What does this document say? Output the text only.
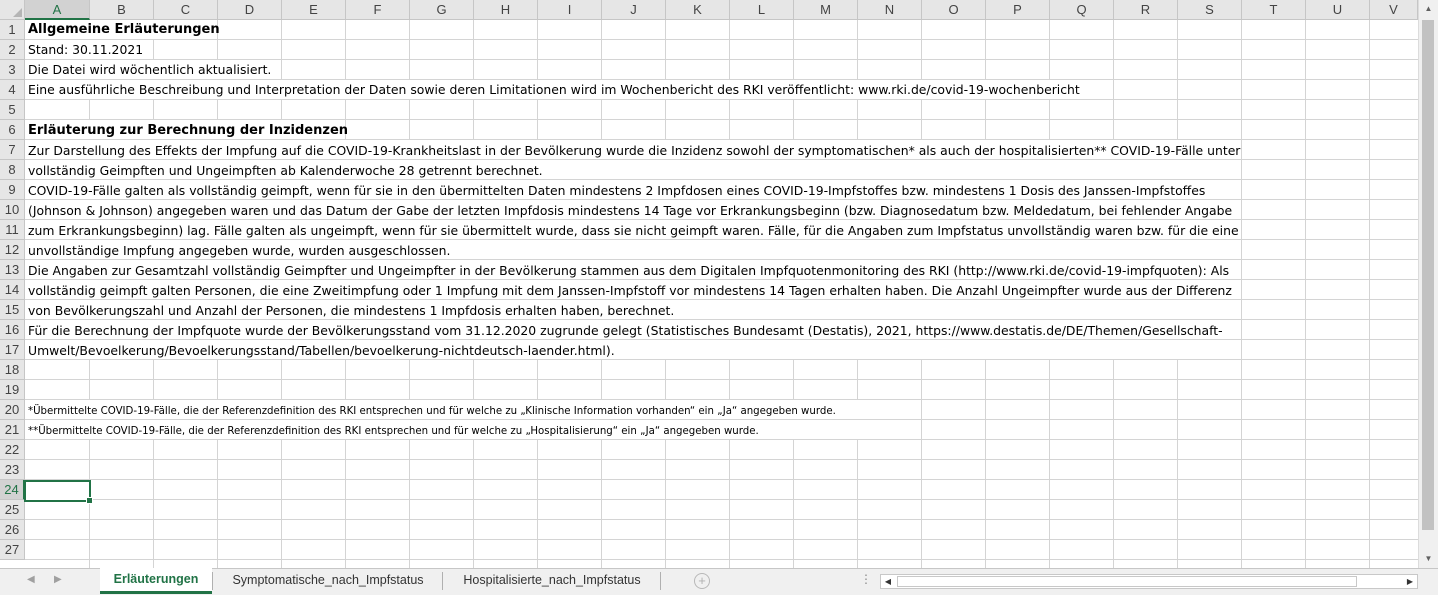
A	B	C	D	E	F	G	H	I	J	K	L	M	N	O	P	Q	R	S	T	U	V
1
2
3
4
5
6
7
8
9
10
11
12
13
14
15
16
17
18
19
20
21
22
23
24
25
26
27
Allgemeine Erläuterungen
Stand: 30.11.2021
Die Datei wird wöchentlich aktualisiert.
Eine ausführliche Beschreibung und Interpretation der Daten sowie deren Limitationen wird im Wochenbericht des RKI veröffentlicht: www.rki.de/covid-19-wochenbericht
Erläuterung zur Berechnung der Inzidenzen
Zur Darstellung des Effekts der Impfung auf die COVID-19-Krankheitslast in der Bevölkerung wurde die Inzidenz sowohl der symptomatischen* als auch der hospitalisierten** COVID-19-Fälle unter
vollständig Geimpften und Ungeimpften ab Kalenderwoche 28 getrennt berechnet.
COVID-19-Fälle galten als vollständig geimpft, wenn für sie in den übermittelten Daten mindestens 2 Impfdosen eines COVID-19-Impfstoffes bzw. mindestens 1 Dosis des Janssen-Impfstoffes
(Johnson & Johnson) angegeben waren und das Datum der Gabe der letzten Impfdosis mindestens 14 Tage vor Erkrankungsbeginn (bzw. Diagnosedatum bzw. Meldedatum, bei fehlender Angabe
zum Erkrankungsbeginn) lag. Fälle galten als ungeimpft, wenn für sie übermittelt wurde, dass sie nicht geimpft waren. Fälle, für die Angaben zum Impfstatus unvollständig waren bzw. für die eine
unvollständige Impfung angegeben wurde, wurden ausgeschlossen.
Die Angaben zur Gesamtzahl vollständig Geimpfter und Ungeimpfter in der Bevölkerung stammen aus dem Digitalen Impfquotenmonitoring des RKI (http://www.rki.de/covid-19-impfquoten): Als
vollständig geimpft galten Personen, die eine Zweitimpfung oder 1 Impfung mit dem Janssen-Impfstoff vor mindestens 14 Tagen erhalten haben. Die Anzahl Ungeimpfter wurde aus der Differenz
von Bevölkerungszahl und Anzahl der Personen, die mindestens 1 Impfdosis erhalten haben, berechnet.
Für die Berechnung der Impfquote wurde der Bevölkerungsstand vom 31.12.2020 zugrunde gelegt (Statistisches Bundesamt (Destatis), 2021, https://www.destatis.de/DE/Themen/Gesellschaft-
Umwelt/Bevoelkerung/Bevoelkerungsstand/Tabellen/bevoelkerung-nichtdeutsch-laender.html).
*Übermittelte COVID-19-Fälle, die der Referenzdefinition des RKI entsprechen und für welche zu „Klinische Information vorhanden“ ein „Ja“ angegeben wurde.
**Übermittelte COVID-19-Fälle, die der Referenzdefinition des RKI entsprechen und für welche zu „Hospitalisierung“ ein „Ja“ angegeben wurde.
▲
▼
◀ ▶	Erläuterungen	Symptomatische_nach_Impfstatus	Hospitalisierte_nach_Impfstatus	+	⋮	◀	▶
